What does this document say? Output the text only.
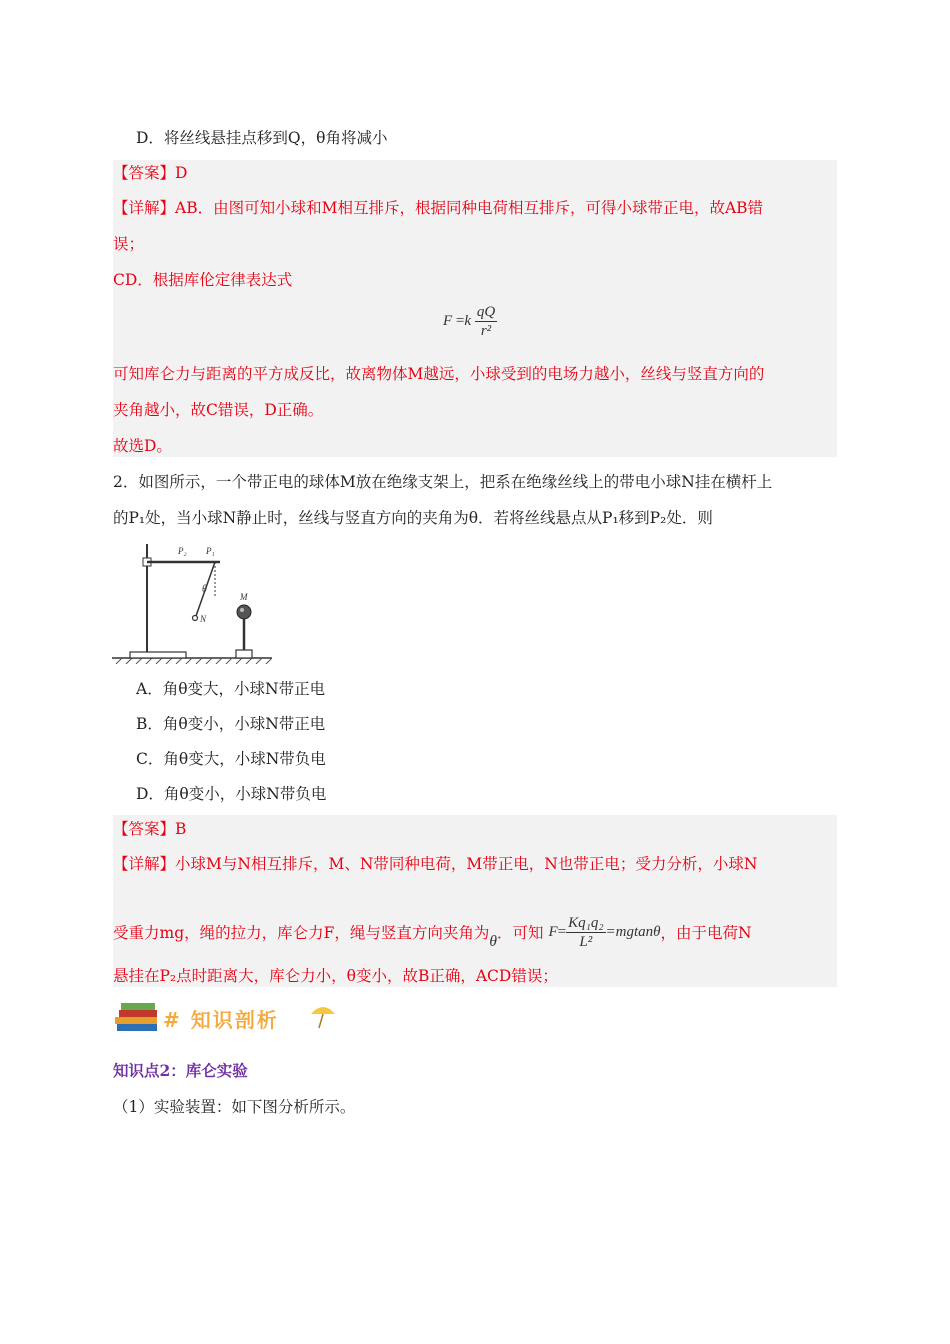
D．将丝线悬挂点移到Q，θ角将减小
【答案】D
【详解】AB．由图可知小球和M相互排斥，根据同种电荷相互排斥，可得小球带正电，故AB错
误；
CD．根据库伦定律表达式
$F =k \frac{qQ}{\text{r²}}$
可知库仑力与距离的平方成反比，故离物体M越远，小球受到的电场力越小，丝线与竖直方向的
夹角越小，故C错误，D正确。
故选D。
2．如图所示，一个带正电的球体M放在绝缘支架上，把系在绝缘丝线上的带电小球N挂在横杆上
的P₁处，当小球N静止时，丝线与竖直方向的夹角为θ．若将丝线悬点从P₁移到P₂处．则
N
θ
P₂ P₁
M
A．角θ变大，小球N带正电
B．角θ变小，小球N带正电
C．角θ变大，小球N带负电
D．角θ变小，小球N带负电
【答案】B
【详解】小球M与N相互排斥，M、N带同种电荷，M带正电，N也带正电；受力分析，小球N
受重力mg，绳的拉力，库仑力F，绳与竖直方向夹角为θ．可知 $F= \frac{\text{Kq₁q₂}}{\text{L²}} =mgtan\theta$，由于电荷N
悬挂在P₂点时距离大，库仑力小，θ变小，故B正确，ACD错误；
# 知识剖析
知识点2：库仑实验
（1）实验装置：如下图分析所示。
